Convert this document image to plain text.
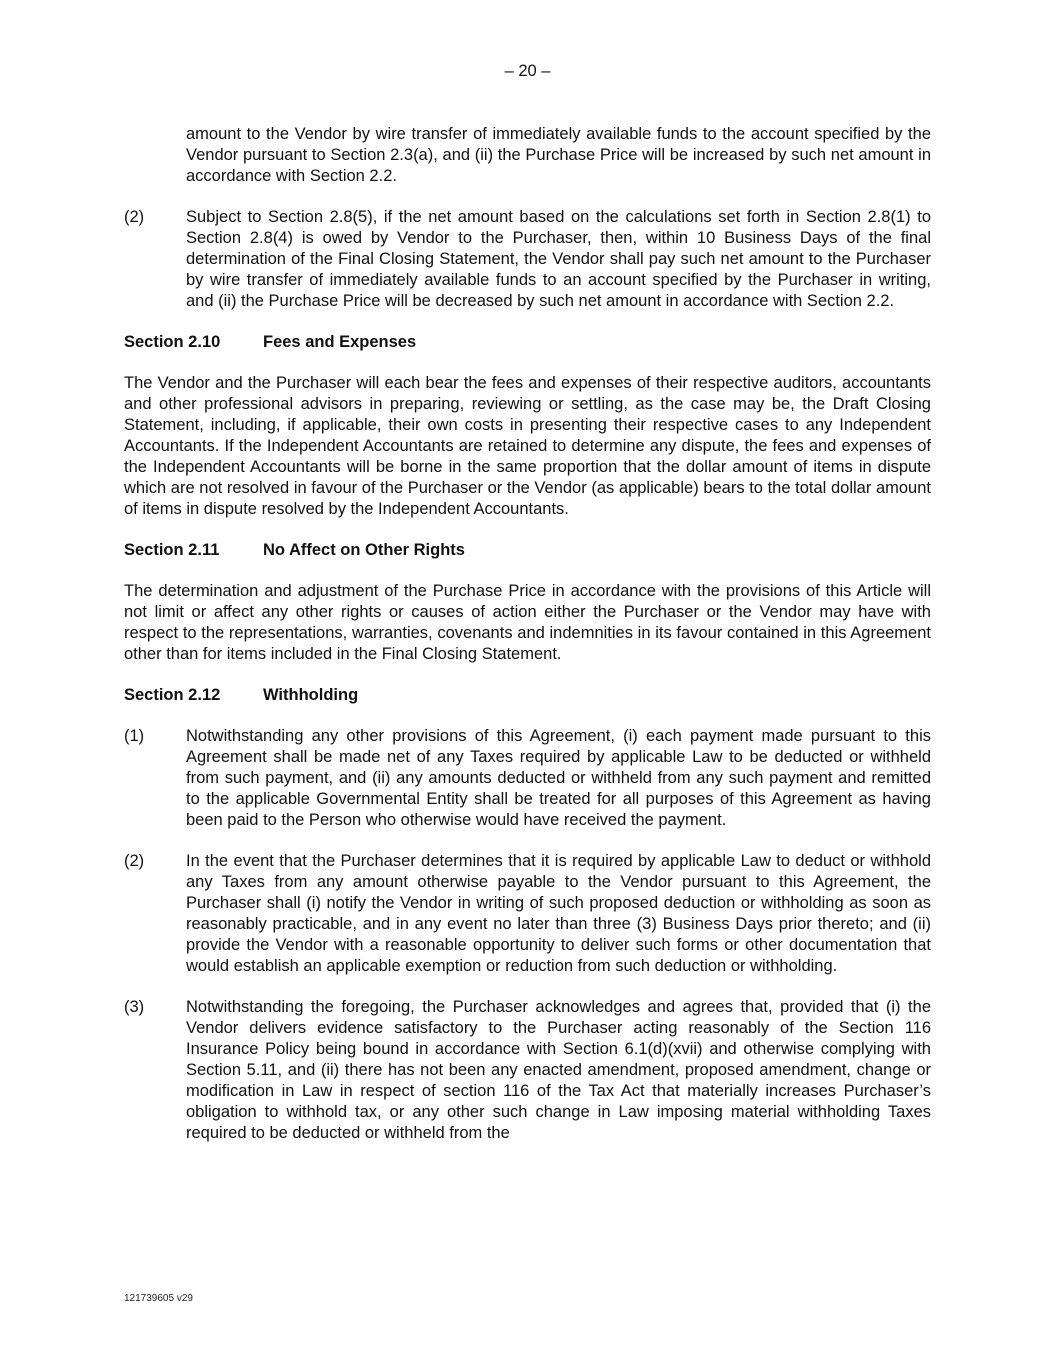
– 20 –

amount to the Vendor by wire transfer of immediately available funds to the account specified by the Vendor pursuant to Section 2.3(a), and (ii) the Purchase Price will be increased by such net amount in accordance with Section 2.2.

(2)	Subject to Section 2.8(5), if the net amount based on the calculations set forth in Section 2.8(1) to Section 2.8(4) is owed by Vendor to the Purchaser, then, within 10 Business Days of the final determination of the Final Closing Statement, the Vendor shall pay such net amount to the Purchaser by wire transfer of immediately available funds to an account specified by the Purchaser in writing, and (ii) the Purchase Price will be decreased by such net amount in accordance with Section 2.2.
Section 2.10	Fees and Expenses

The Vendor and the Purchaser will each bear the fees and expenses of their respective auditors, accountants and other professional advisors in preparing, reviewing or settling, as the case may be, the Draft Closing Statement, including, if applicable, their own costs in presenting their respective cases to any Independent Accountants. If the Independent Accountants are retained to determine any dispute, the fees and expenses of the Independent Accountants will be borne in the same proportion that the dollar amount of items in dispute which are not resolved in favour of the Purchaser or the Vendor (as applicable) bears to the total dollar amount of items in dispute resolved by the Independent Accountants.

Section 2.11	No Affect on Other Rights

The determination and adjustment of the Purchase Price in accordance with the provisions of this Article will not limit or affect any other rights or causes of action either the Purchaser or the Vendor may have with respect to the representations, warranties, covenants and indemnities in its favour contained in this Agreement other than for items included in the Final Closing Statement.

Section 2.12	Withholding
(1)	Notwithstanding any other provisions of this Agreement, (i) each payment made pursuant to this Agreement shall be made net of any Taxes required by applicable Law to be deducted or withheld from such payment, and (ii) any amounts deducted or withheld from any such payment and remitted to the applicable Governmental Entity shall be treated for all purposes of this Agreement as having been paid to the Person who otherwise would have received the payment.
(2)	In the event that the Purchaser determines that it is required by applicable Law to deduct or withhold any Taxes from any amount otherwise payable to the Vendor pursuant to this Agreement, the Purchaser shall (i) notify the Vendor in writing of such proposed deduction or withholding as soon as reasonably practicable, and in any event no later than three (3) Business Days prior thereto; and (ii) provide the Vendor with a reasonable opportunity to deliver such forms or other documentation that would establish an applicable exemption or reduction from such deduction or withholding.
(3)	Notwithstanding the foregoing, the Purchaser acknowledges and agrees that, provided that (i) the Vendor delivers evidence satisfactory to the Purchaser acting reasonably of the Section 116 Insurance Policy being bound in accordance with Section 6.1(d)(xvii) and otherwise complying with Section 5.11, and (ii) there has not been any enacted amendment, proposed amendment, change or modification in Law in respect of section 116 of the Tax Act that materially increases Purchaser’s obligation to withhold tax, or any other such change in Law imposing material withholding Taxes required to be deducted or withheld from the
121739605 v29
